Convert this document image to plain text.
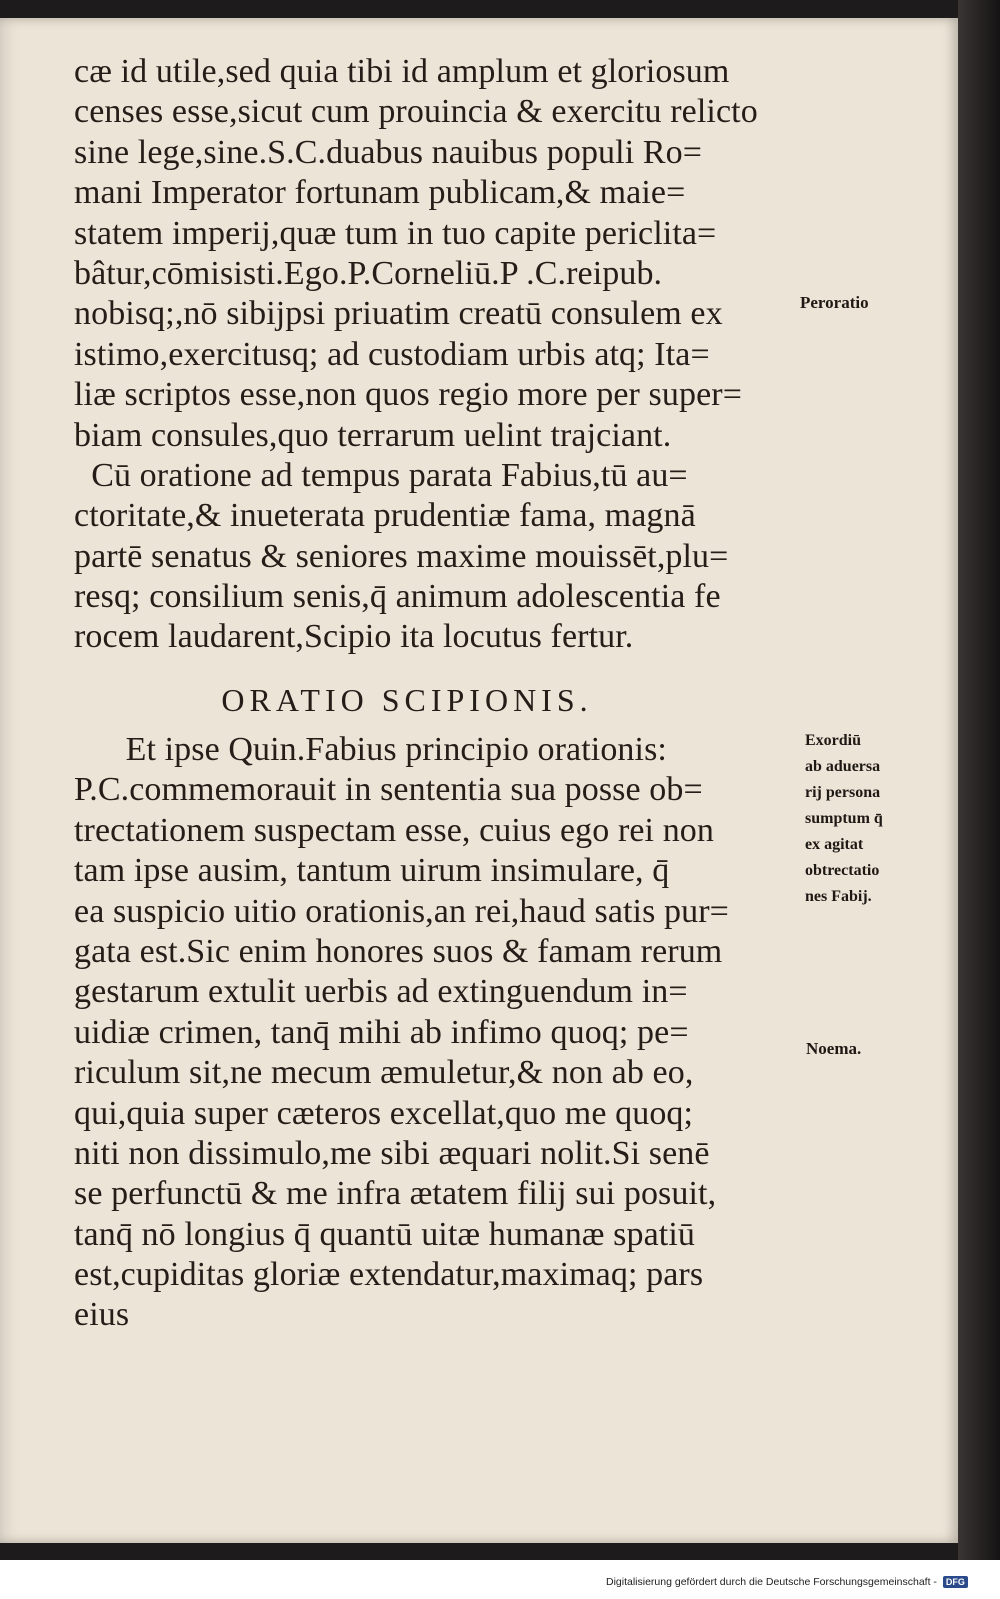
cæ id utile,sed quia tibi id amplum et gloriosum
censes esse,sicut cum prouincia & exercitu relicto
sine lege,sine.S.C.duabus nauibus populi Ro=
mani Imperator fortunam publicam,& maie=
statem imperij,quæ tum in tuo capite periclita=
bâtur,cōmisisti.Ego.P.Corneliū.P .C.reipub.
nobisq;,nō sibijpsi priuatim creatū consulem ex
istimo,exercitusq; ad custodiam urbis atq; Ita=
liæ scriptos esse,non quos regio more per super=
biam consules,quo terrarum uelint trajciant.
Cū oratione ad tempus parata Fabius,tū au=
ctoritate,& inueterata prudentiæ fama, magnā
partē senatus & seniores maxime mouissēt,plu=
resq; consilium senis,q̄ animum adolescentia fe
rocem laudarent,Scipio ita locutus fertur.
ORATIO SCIPIONIS.
Et ipse Quin.Fabius principio orationis:
P.C.commemorauit in sententia sua posse ob=
trectationem suspectam esse, cuius ego rei non
tam ipse ausim, tantum uirum insimulare, q̄
ea suspicio uitio orationis,an rei,haud satis pur=
gata est.Sic enim honores suos & famam rerum
gestarum extulit uerbis ad extinguendum in=
uidiæ crimen, tanq̄ mihi ab infimo quoq; pe=
riculum sit,ne mecum æmuletur,& non ab eo,
qui,quia super cæteros excellat,quo me quoq;
niti non dissimulo,me sibi æquari nolit.Si senē
se perfunctū & me infra ætatem filij sui posuit,
tanq̄ nō longius q̄ quantū uitæ humanæ spatiū
est,cupiditas gloriæ extendatur,maximaq; pars
eius
Peroratio
Exordiū
ab aduersa
rij persona
sumptum q̄
ex agitat
obtrectatio
nes Fabij.
Noema.
Digitalisierung gefördert durch die Deutsche Forschungsgemeinschaft - DFG
